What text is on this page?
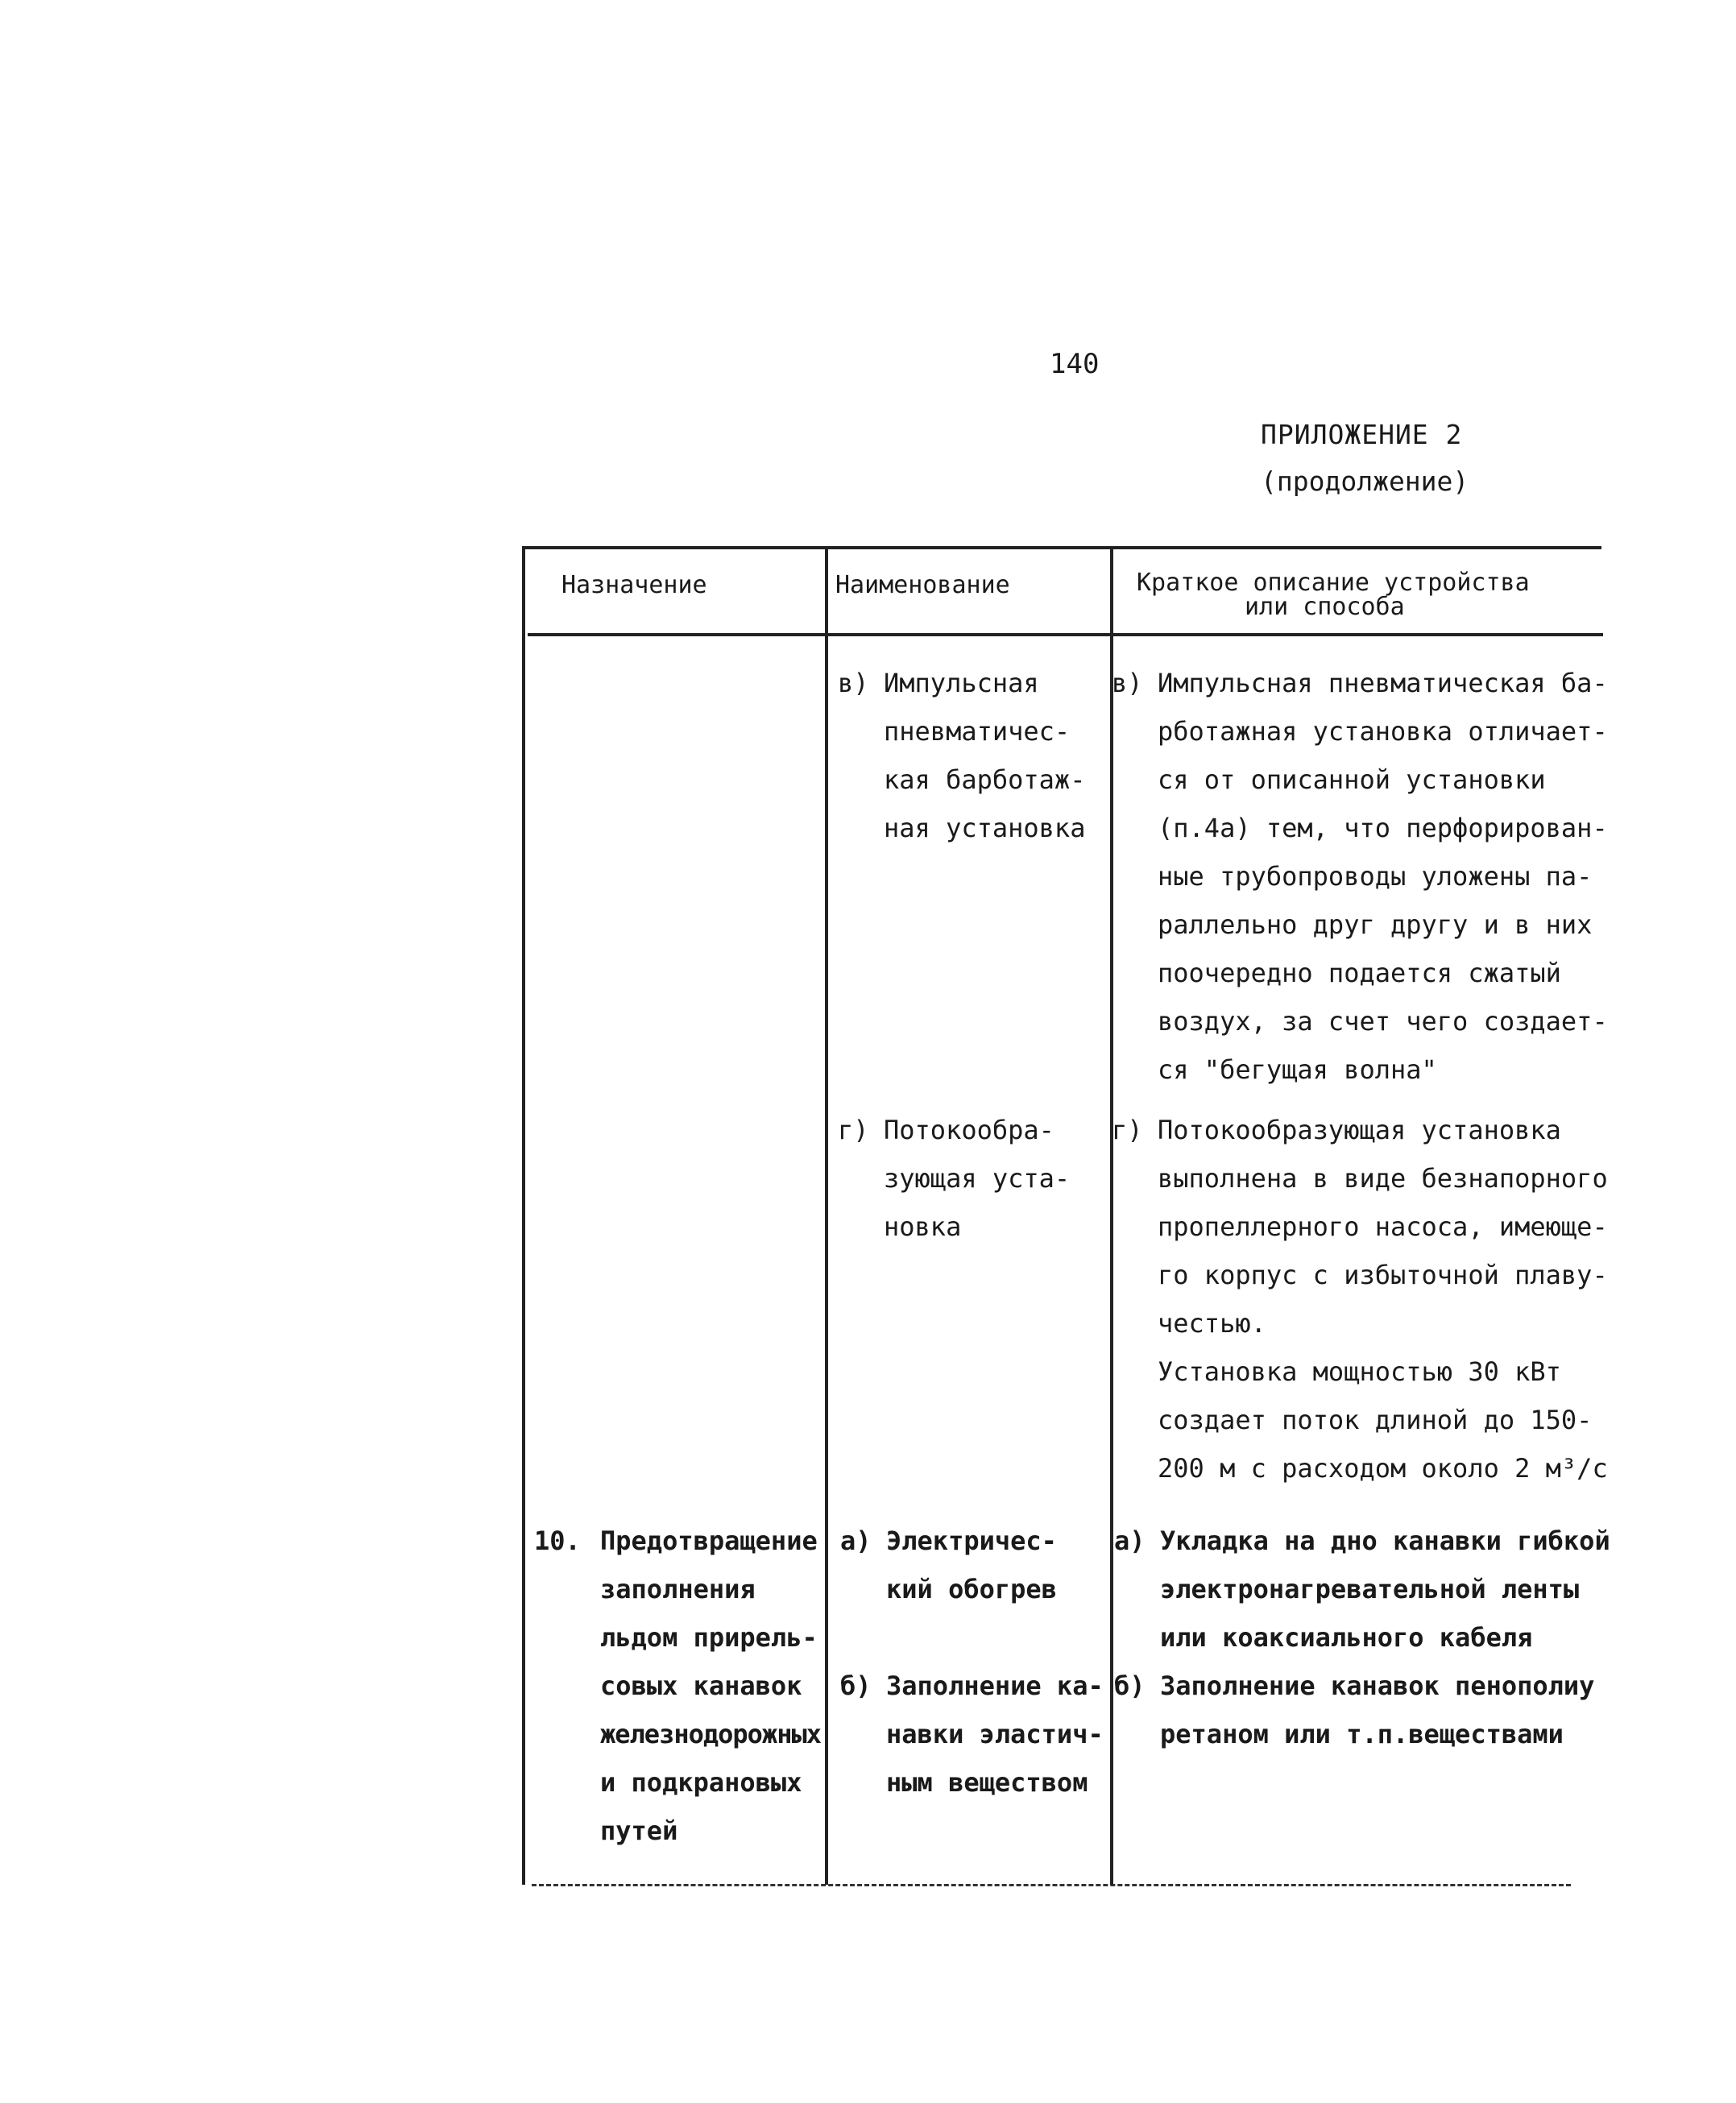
140
ПРИЛОЖЕНИЕ 2
(продолжение)
Назначение	Наименование	Краткое описание устройства
или способа
в) Импульсная
пневматичес-
кая барботаж-
ная установка
в) Импульсная пневматическая ба-
рботажная установка отличает-
ся от описанной установки
(п.4а) тем, что перфорирован-
ные трубопроводы уложены па-
раллельно друг другу и в них
поочередно подается сжатый
воздух, за счет чего создает-
ся "бегущая волна"
г) Потокообра-
зующая уста-
новка
г) Потокообразующая установка
выполнена в виде безнапорного
пропеллерного насоса, имеюще-
го корпус с избыточной плаву-
честью.
Установка мощностью 30 кВт
создает поток длиной до 150-
200 м с расходом около 2 м³/с
10. Предотвращение
заполнения
льдом прирель-
совых канавок
железнодорожных
и подкрановых
путей
а) Электричес-
кий обогрев
а) Укладка на дно канавки гибкой
электронагревательной ленты
или коаксиального кабеля
б) Заполнение ка-
навки эластич-
ным веществом
б) Заполнение канавок пенополиу
ретаном или т.п.веществами
